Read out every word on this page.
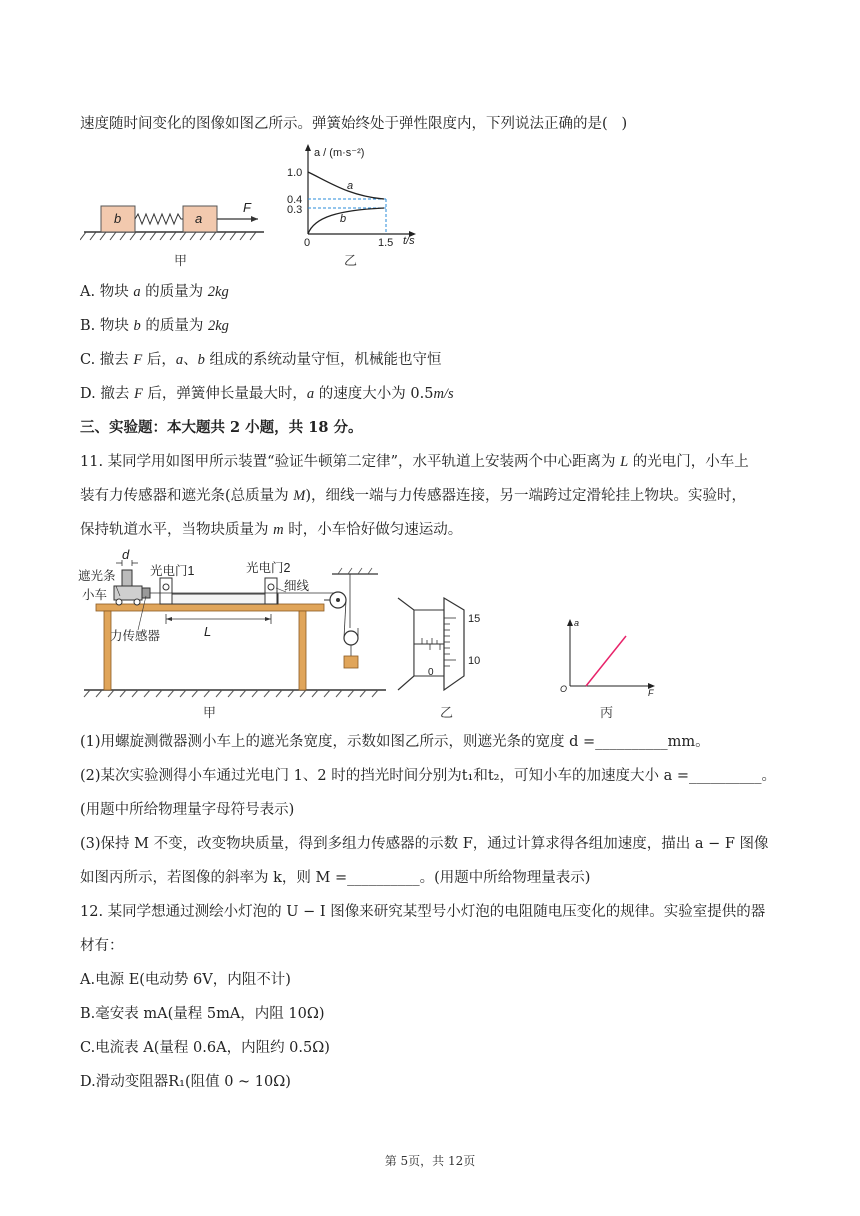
速度随时间变化的图像如图乙所示。弹簧始终处于弹性限度内，下列说法正确的是(   )
b	a
F
甲
a / (m·s⁻²)
t/s
a
b
1.0
0.4
0.3
0	1.5
乙
A. 物块 a 的质量为 2kg
B. 物块 b 的质量为 2kg
C. 撤去 F 后，a、b 组成的系统动量守恒，机械能也守恒
D. 撤去 F 后，弹簧伸长量最大时，a 的速度大小为 0.5m/s
三、实验题：本大题共 2 小题，共 18 分。
11. 某同学用如图甲所示装置“验证牛顿第二定律”，水平轨道上安装两个中心距离为 L 的光电门，小车上
装有力传感器和遮光条(总质量为 M)，细线一端与力传感器连接，另一端跨过定滑轮挂上物块。实验时，
保持轨道水平，当物块质量为 m 时，小车恰好做匀速运动。
d
遮光条
小车
光电门1	光电门2
细线
力传感器	L
甲
15
10
0
乙
a
O	F
丙
(1)用螺旋测微器测小车上的遮光条宽度，示数如图乙所示，则遮光条的宽度 d =__________mm。
(2)某次实验测得小车通过光电门 1、2 时的挡光时间分别为t₁和t₂，可知小车的加速度大小 a =__________。
(用题中所给物理量字母符号表示)
(3)保持 M 不变，改变物块质量，得到多组力传感器的示数 F，通过计算求得各组加速度，描出 a − F 图像
如图丙所示，若图像的斜率为 k，则 M =__________。(用题中所给物理量表示)
12. 某同学想通过测绘小灯泡的 U − I 图像来研究某型号小灯泡的电阻随电压变化的规律。实验室提供的器
材有：
A.电源 E(电动势 6V，内阻不计)
B.毫安表 mA(量程 5mA，内阻 10Ω)
C.电流表 A(量程 0.6A，内阻约 0.5Ω)
D.滑动变阻器R₁(阻值 0 ~ 10Ω)
第 5页，共 12页
